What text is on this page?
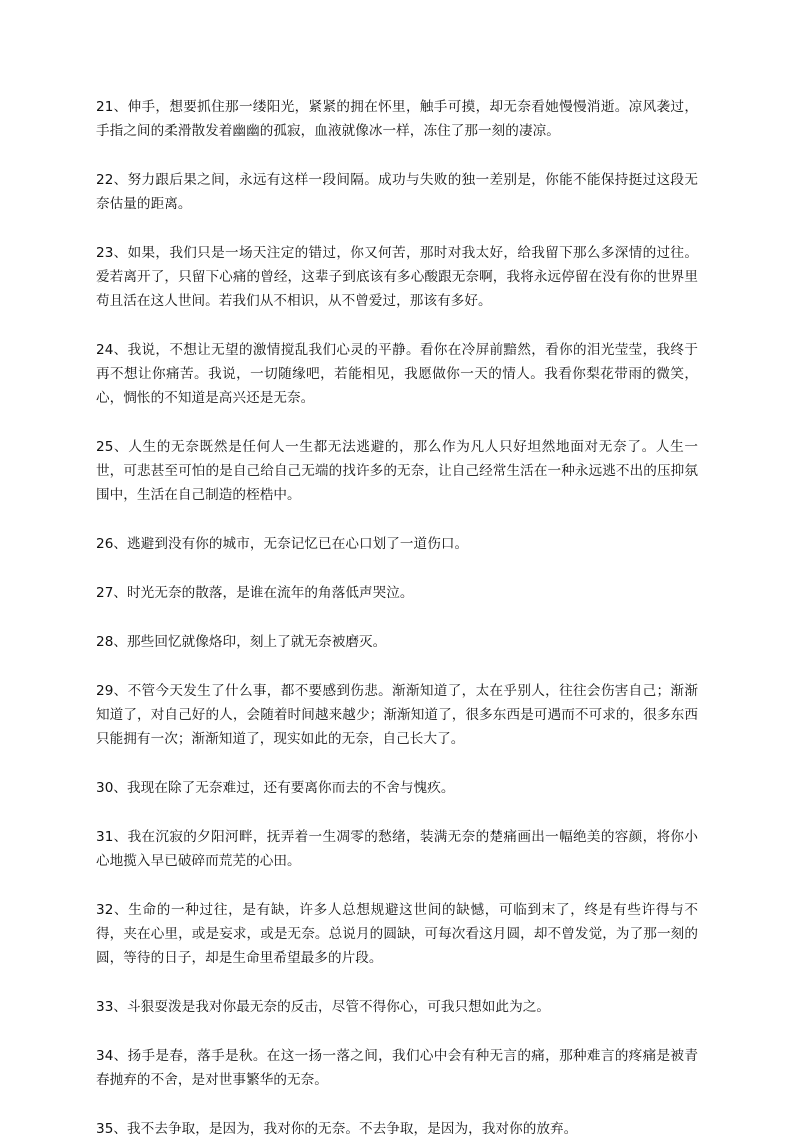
21、伸手，想要抓住那一缕阳光，紧紧的拥在怀里，触手可摸，却无奈看她慢慢消逝。凉风袭过，手指之间的柔滑散发着幽幽的孤寂，血液就像冰一样，冻住了那一刻的凄凉。

22、努力跟后果之间，永远有这样一段间隔。成功与失败的独一差别是，你能不能保持挺过这段无奈估量的距离。

23、如果，我们只是一场天注定的错过，你又何苦，那时对我太好，给我留下那么多深情的过往。爱若离开了，只留下心痛的曾经，这辈子到底该有多心酸跟无奈啊，我将永远停留在没有你的世界里苟且活在这人世间。若我们从不相识，从不曾爱过，那该有多好。

24、我说，不想让无望的激情搅乱我们心灵的平静。看你在冷屏前黯然，看你的泪光莹莹，我终于再不想让你痛苦。我说，一切随缘吧，若能相见，我愿做你一天的情人。我看你梨花带雨的微笑，心，惆怅的不知道是高兴还是无奈。

25、人生的无奈既然是任何人一生都无法逃避的，那么作为凡人只好坦然地面对无奈了。人生一世，可悲甚至可怕的是自己给自己无端的找许多的无奈，让自己经常生活在一种永远逃不出的压抑氛围中，生活在自己制造的桎梏中。

26、逃避到没有你的城市，无奈记忆已在心口划了一道伤口。

27、时光无奈的散落，是谁在流年的角落低声哭泣。

28、那些回忆就像烙印，刻上了就无奈被磨灭。

29、不管今天发生了什么事，都不要感到伤悲。渐渐知道了，太在乎别人，往往会伤害自己；渐渐知道了，对自己好的人，会随着时间越来越少；渐渐知道了，很多东西是可遇而不可求的，很多东西只能拥有一次；渐渐知道了，现实如此的无奈，自己长大了。

30、我现在除了无奈难过，还有要离你而去的不舍与愧疚。

31、我在沉寂的夕阳河畔，抚弄着一生凋零的愁绪，装满无奈的楚痛画出一幅绝美的容颜，将你小心地揽入早已破碎而荒芜的心田。

32、生命的一种过往，是有缺，许多人总想规避这世间的缺憾，可临到末了，终是有些许得与不得，夹在心里，或是妄求，或是无奈。总说月的圆缺，可每次看这月圆，却不曾发觉，为了那一刻的圆，等待的日子，却是生命里希望最多的片段。

33、斗狠耍泼是我对你最无奈的反击，尽管不得你心，可我只想如此为之。

34、扬手是春，落手是秋。在这一扬一落之间，我们心中会有种无言的痛，那种难言的疼痛是被青春抛弃的不舍，是对世事繁华的无奈。

35、我不去争取，是因为，我对你的无奈。不去争取，是因为，我对你的放弃。
